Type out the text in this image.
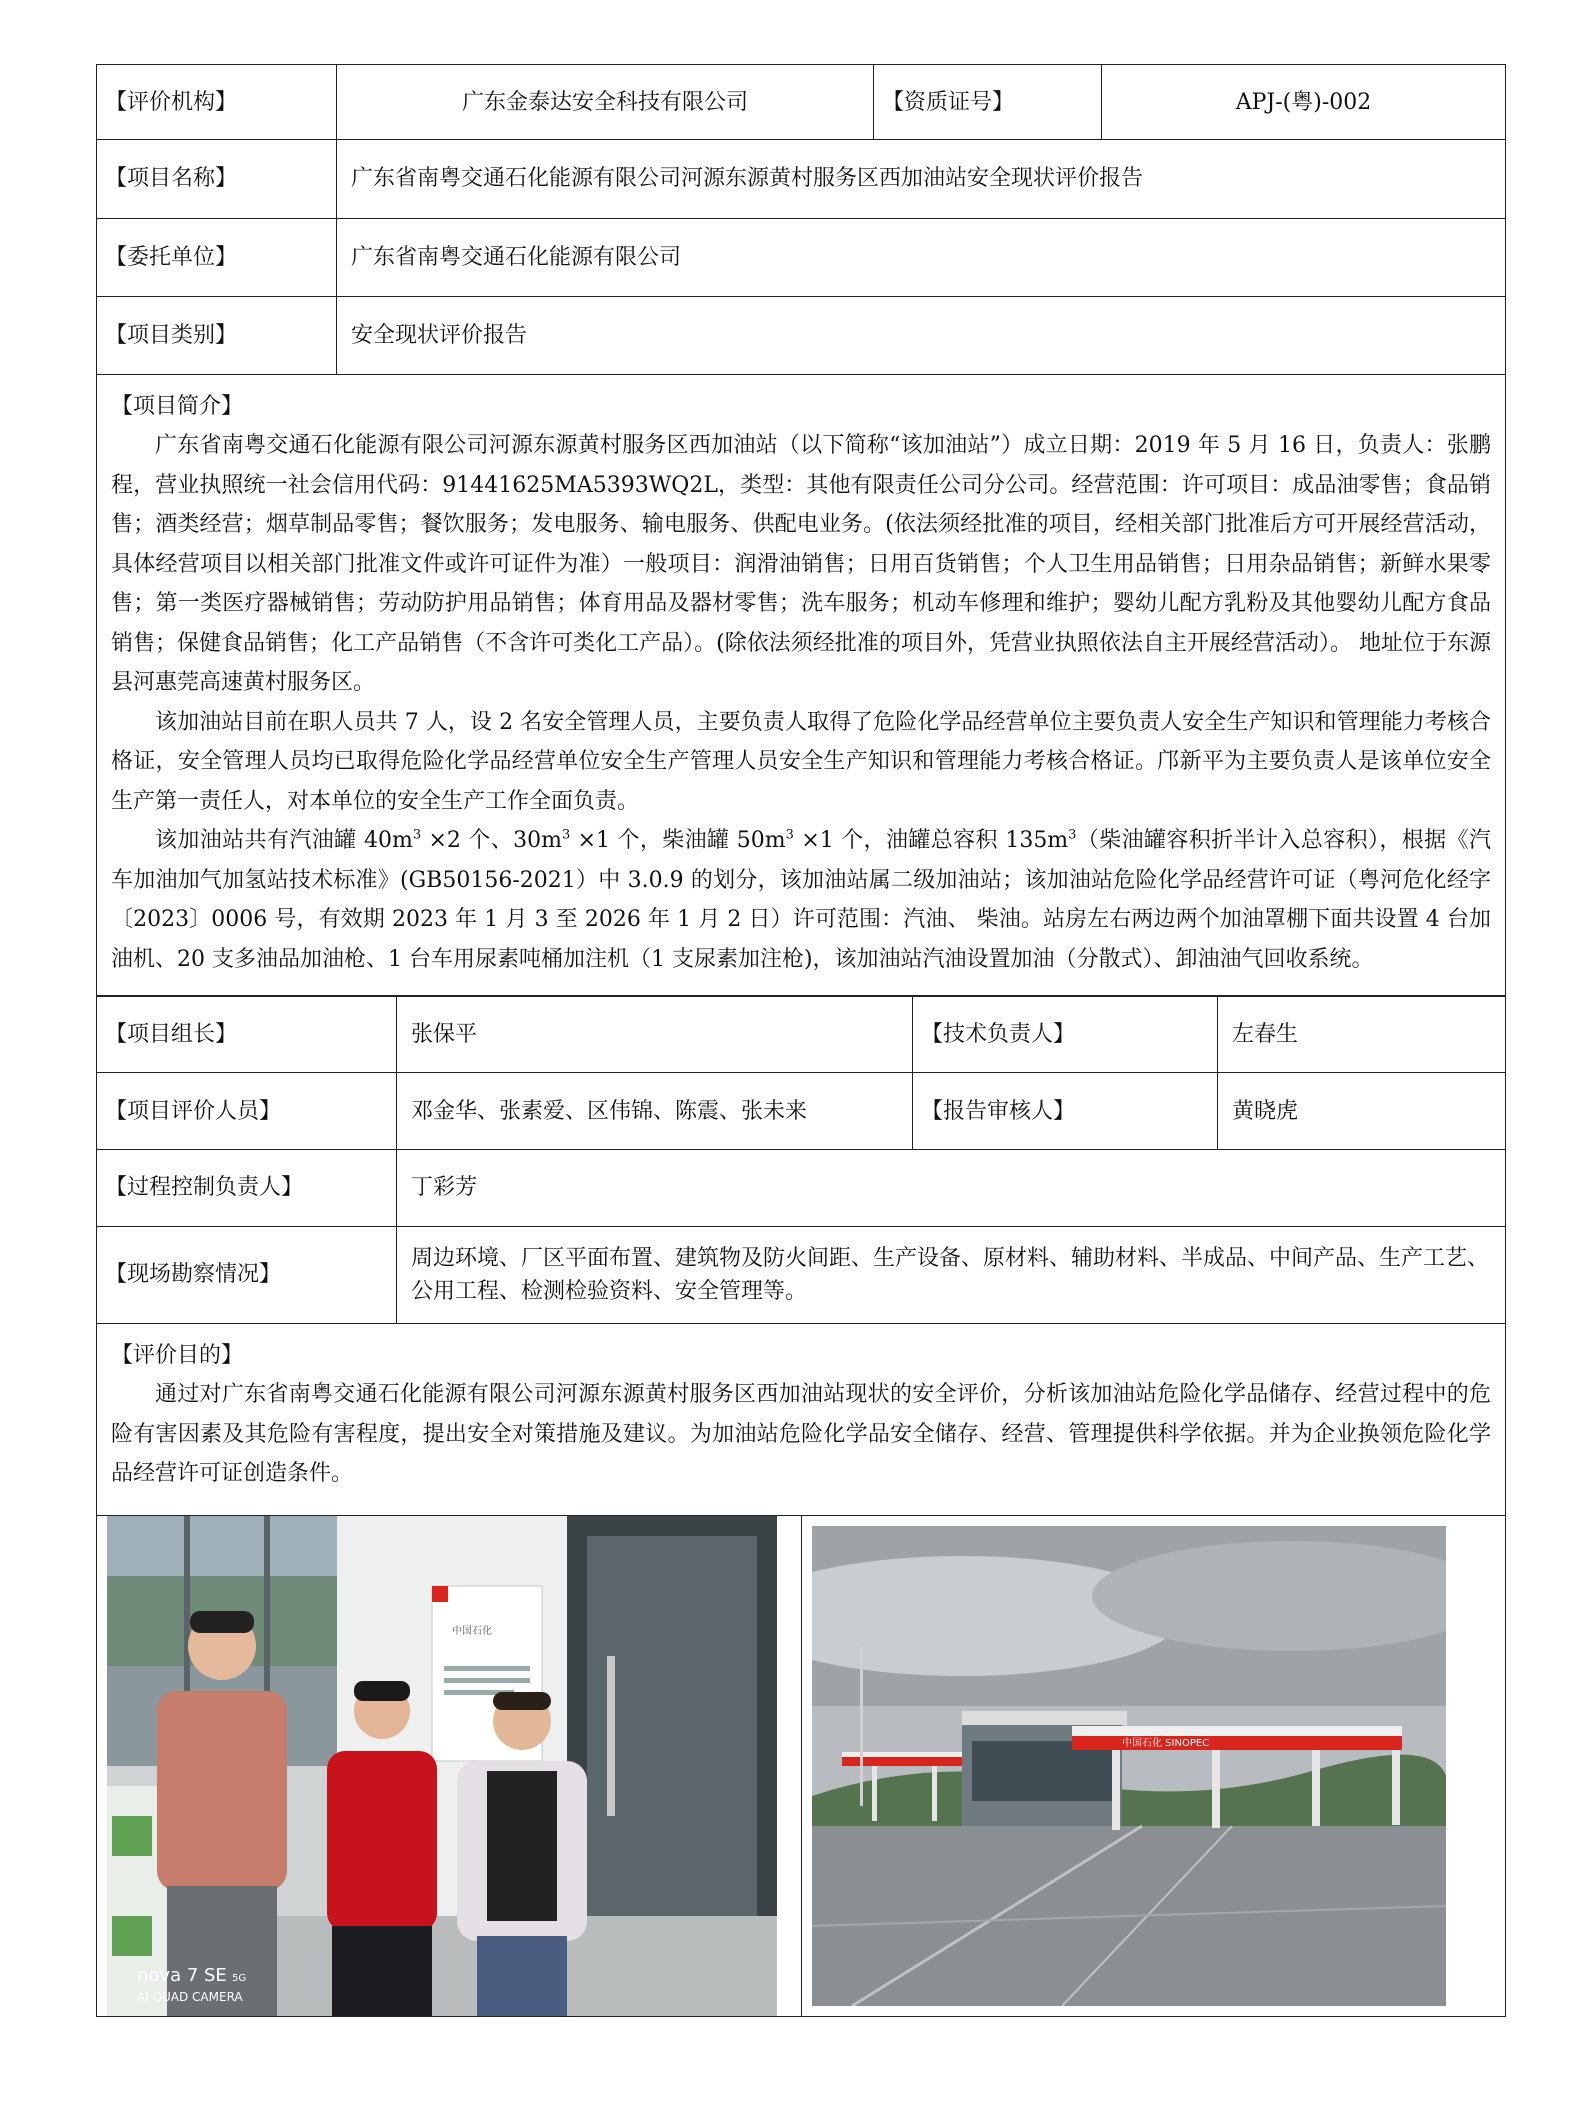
【评价机构】	广东金泰达安全科技有限公司	【资质证号】	APJ-(粤)-002
【项目名称】	广东省南粤交通石化能源有限公司河源东源黄村服务区西加油站安全现状评价报告
【委托单位】	广东省南粤交通石化能源有限公司
【项目类别】	安全现状评价报告

【项目简介】

广东省南粤交通石化能源有限公司河源东源黄村服务区西加油站（以下简称“该加油站”）成立日期：2019 年 5 月 16 日，负责人：张鹏程，营业执照统一社会信用代码：91441625MA5393WQ2L，类型：其他有限责任公司分公司。经营范围：许可项目：成品油零售；食品销售；酒类经营；烟草制品零售；餐饮服务；发电服务、输电服务、供配电业务。(依法须经批准的项目，经相关部门批准后方可开展经营活动，具体经营项目以相关部门批准文件或许可证件为准）一般项目：润滑油销售；日用百货销售；个人卫生用品销售；日用杂品销售；新鲜水果零售；第一类医疗器械销售；劳动防护用品销售；体育用品及器材零售；洗车服务；机动车修理和维护；婴幼儿配方乳粉及其他婴幼儿配方食品销售；保健食品销售；化工产品销售（不含许可类化工产品）。(除依法须经批准的项目外，凭营业执照依法自主开展经营活动）。 地址位于东源县河惠莞高速黄村服务区。

该加油站目前在职人员共 7 人，设 2 名安全管理人员，主要负责人取得了危险化学品经营单位主要负责人安全生产知识和管理能力考核合格证，安全管理人员均已取得危险化学品经营单位安全生产管理人员安全生产知识和管理能力考核合格证。邝新平为主要负责人是该单位安全生产第一责任人，对本单位的安全生产工作全面负责。

该加油站共有汽油罐 $40m^3 \times 2$ 个、$30m^3 \times 1$ 个，柴油罐 $50m^3 \times 1$ 个，油罐总容积 $135m^3$（柴油罐容积折半计入总容积），根据《汽车加油加气加氢站技术标准》(GB50156-2021）中 3.0.9 的划分，该加油站属二级加油站；该加油站危险化学品经营许可证（粤河危化经字〔2023〕0006 号，有效期 2023 年 1 月 3 至 2026 年 1 月 2 日）许可范围：汽油、 柴油。站房左右两边两个加油罩棚下面共设置 4 台加油机、20 支多油品加油枪、1 台车用尿素吨桶加注机（1 支尿素加注枪)，该加油站汽油设置加油（分散式）、卸油油气回收系统。

【项目组长】	张保平	【技术负责人】	左春生
【项目评价人员】	邓金华、张素爱、区伟锦、陈震、张未来	【报告审核人】	黄晓虎
【过程控制负责人】	丁彩芳
【现场勘察情况】	周边环境、厂区平面布置、建筑物及防火间距、生产设备、原材料、辅助材料、半成品、中间产品、生产工艺、公用工程、检测检验资料、安全管理等。

【评价目的】

通过对广东省南粤交通石化能源有限公司河源东源黄村服务区西加油站现状的安全评价，分析该加油站危险化学品储存、经营过程中的危险有害因素及其危险有害程度，提出安全对策措施及建议。为加油站危险化学品安全储存、经营、管理提供科学依据。并为企业换领危险化学品经营许可证创造条件。

中国石化
nova 7 SE 5G
AI QUAD CAMERA
中国石化 SINOPEC
